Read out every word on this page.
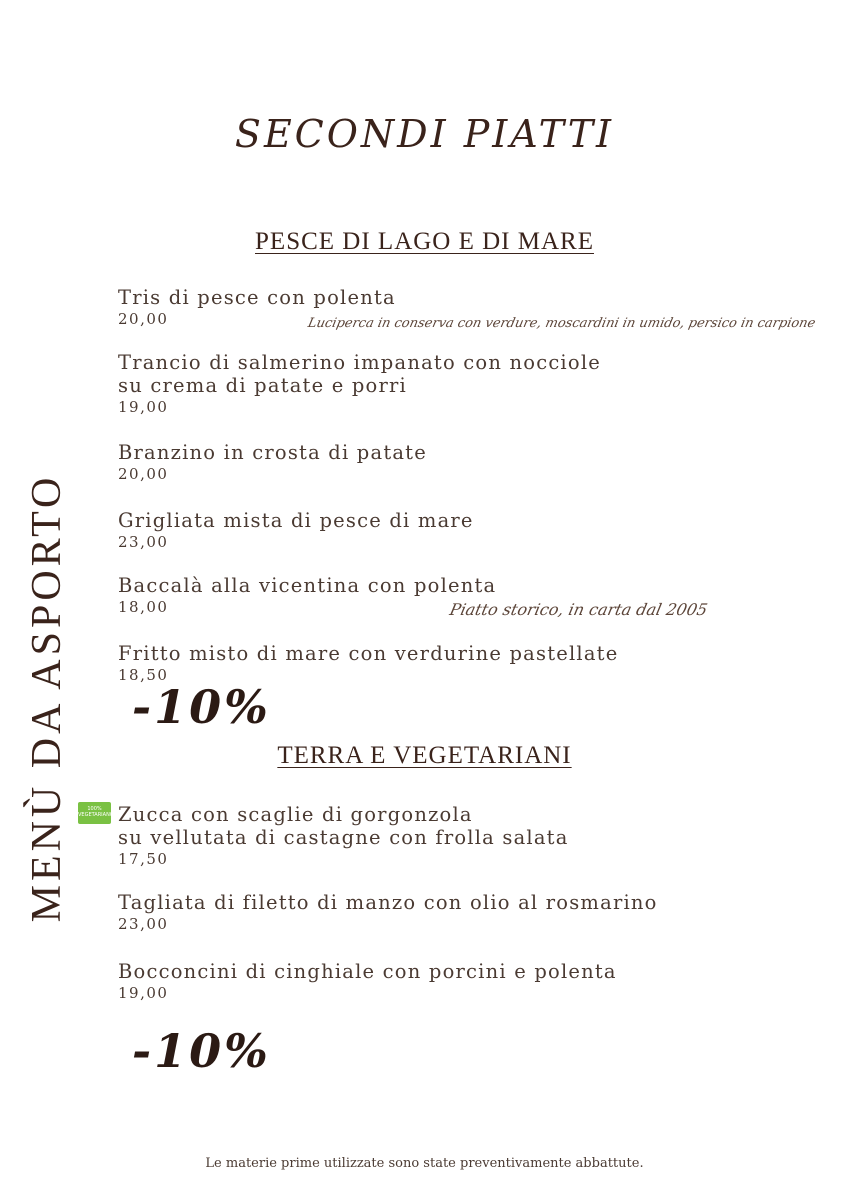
MENÙ DA ASPORTO
SECONDI PIATTI
PESCE DI LAGO E DI MARE
Tris di pesce con polenta
20,00	Luciperca in conserva con verdure, moscardini in umido, persico in carpione
Trancio di salmerino impanato con nocciole
su crema di patate e porri
19,00
Branzino in crosta di patate
20,00
Grigliata mista di pesce di mare
23,00
Baccalà alla vicentina con polenta
18,00	Piatto storico, in carta dal 2005
Fritto misto di mare con verdurine pastellate
18,50
-10%
TERRA E VEGETARIANI
100% VEGETARIANO Zucca con scaglie di gorgonzola
su vellutata di castagne con frolla salata
17,50
Tagliata di filetto di manzo con olio al rosmarino
23,00
Bocconcini di cinghiale con porcini e polenta
19,00
-10%
Le materie prime utilizzate sono state preventivamente abbattute.
